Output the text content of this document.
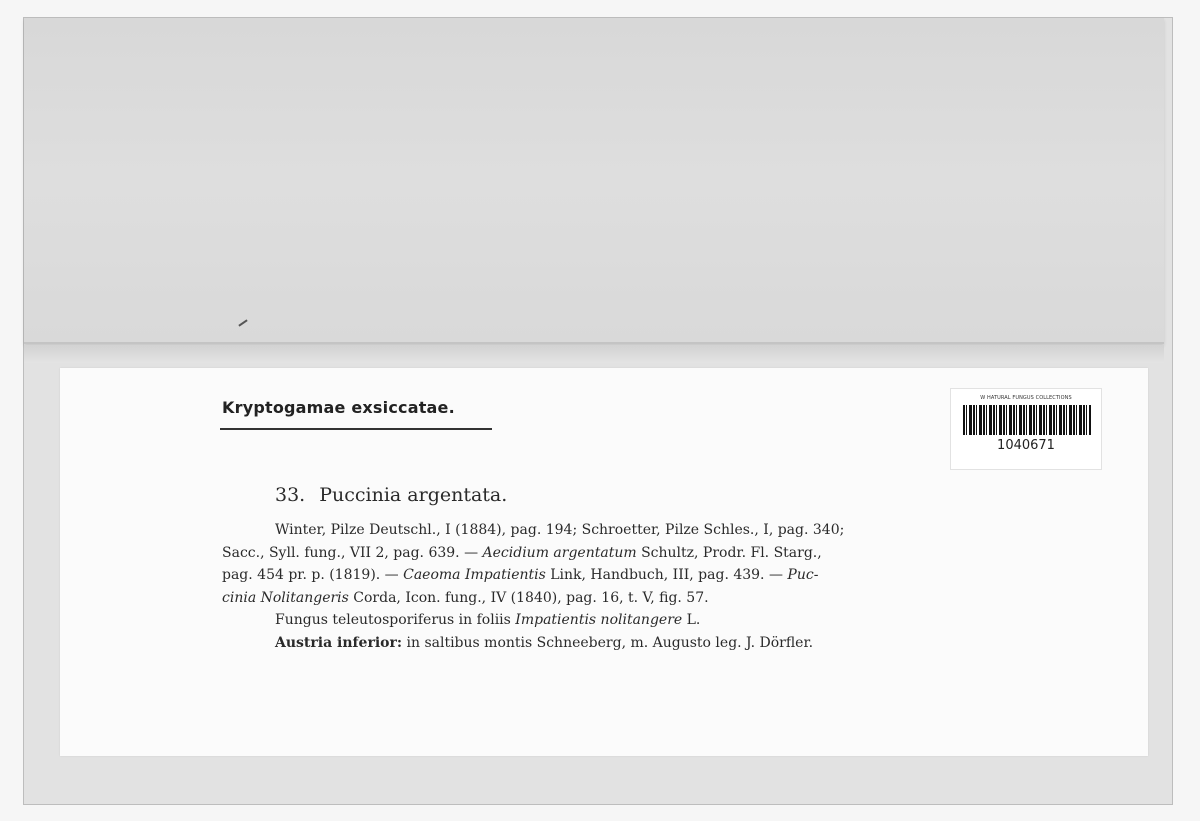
Kryptogamae exsiccatae.	W HATURAL FUNGUS COLLECTIONS
1040671
33. Puccinia argentata.
Winter, Pilze Deutschl., I (1884), pag. 194; Schroetter, Pilze Schles., I, pag. 340;
Sacc., Syll. fung., VII 2, pag. 639. — Aecidium argentatum Schultz, Prodr. Fl. Starg.,
pag. 454 pr. p. (1819). — Caeoma Impatientis Link, Handbuch, III, pag. 439. — Puc-
cinia Nolitangeris Corda, Icon. fung., IV (1840), pag. 16, t. V, fig. 57.
Fungus teleutosporiferus in foliis Impatientis nolitangere L.
Austria inferior: in saltibus montis Schneeberg, m. Augusto leg. J. Dörfler.
